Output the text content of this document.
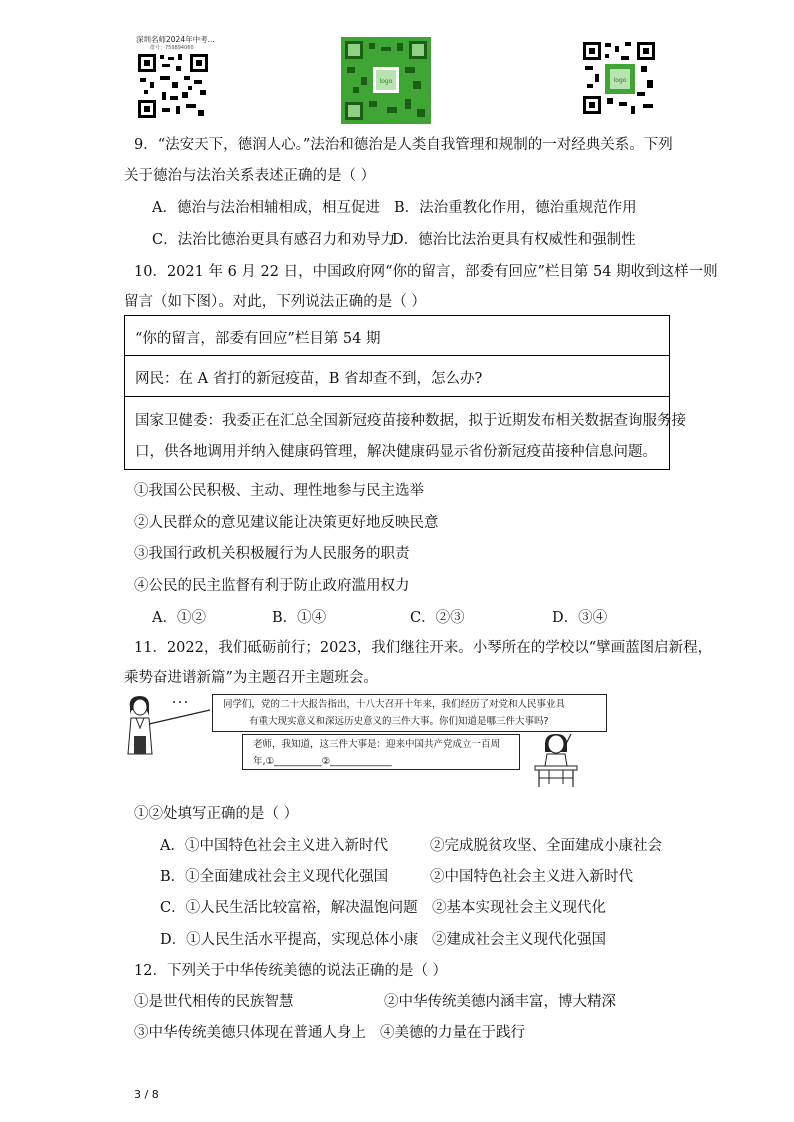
深圳名师2024年中考...
群号：759894060
logo	logo
9．“法安天下，德润人心。”法治和德治是人类自我管理和规制的一对经典关系。下列
关于德治与法治关系表述正确的是（ ）
A．德治与法治相辅相成，相互促进 B．法治重教化作用，德治重规范作用
C．法治比德治更具有感召力和劝导力
D．德治比法治更具有权威性和强制性
10．2021 年 6 月 22 日，中国政府网“你的留言，部委有回应”栏目第 54 期收到这样一则
留言（如下图）。对此，下列说法正确的是（ ）
“你的留言，部委有回应”栏目第 54 期
网民：在 A 省打的新冠疫苗，B 省却查不到，怎么办?
国家卫健委：我委正在汇总全国新冠疫苗接种数据，拟于近期发布相关数据查询服务接
口，供各地调用并纳入健康码管理，解决健康码显示省份新冠疫苗接种信息问题。
①我国公民积极、主动、理性地参与民主选举
②人民群众的意见建议能让决策更好地反映民意
③我国行政机关积极履行为人民服务的职责
④公民的民主监督有利于防止政府滥用权力
A．①②	B．①④	C．②③	D．③④
11．2022，我们砥砺前行；2023，我们继往开来。小琴所在的学校以“擘画蓝图启新程，
乘势奋进谱新篇”为主题召开主题班会。
同学们，党的二十大报告指出，十八大召开十年来，我们经历了对党和人民事业具
有重大现实意义和深远历史意义的三件大事。你们知道是哪三件大事吗?
老师，我知道，这三件大事是：迎来中国共产党成立一百周
年,①__________②_____________
①②处填写正确的是（ ）
A．①中国特色社会主义进入新时代	②完成脱贫攻坚、全面建成小康社会
B．①全面建成社会主义现代化强国	②中国特色社会主义进入新时代
C．①人民生活比较富裕，解决温饱问题 ②基本实现社会主义现代化
D．①人民生活水平提高，实现总体小康 ②建成社会主义现代化强国
12．下列关于中华传统美德的说法正确的是（ ）
①是世代相传的民族智慧	②中华传统美德内涵丰富，博大精深
③中华传统美德只体现在普通人身上 ④美德的力量在于践行
3 / 8
